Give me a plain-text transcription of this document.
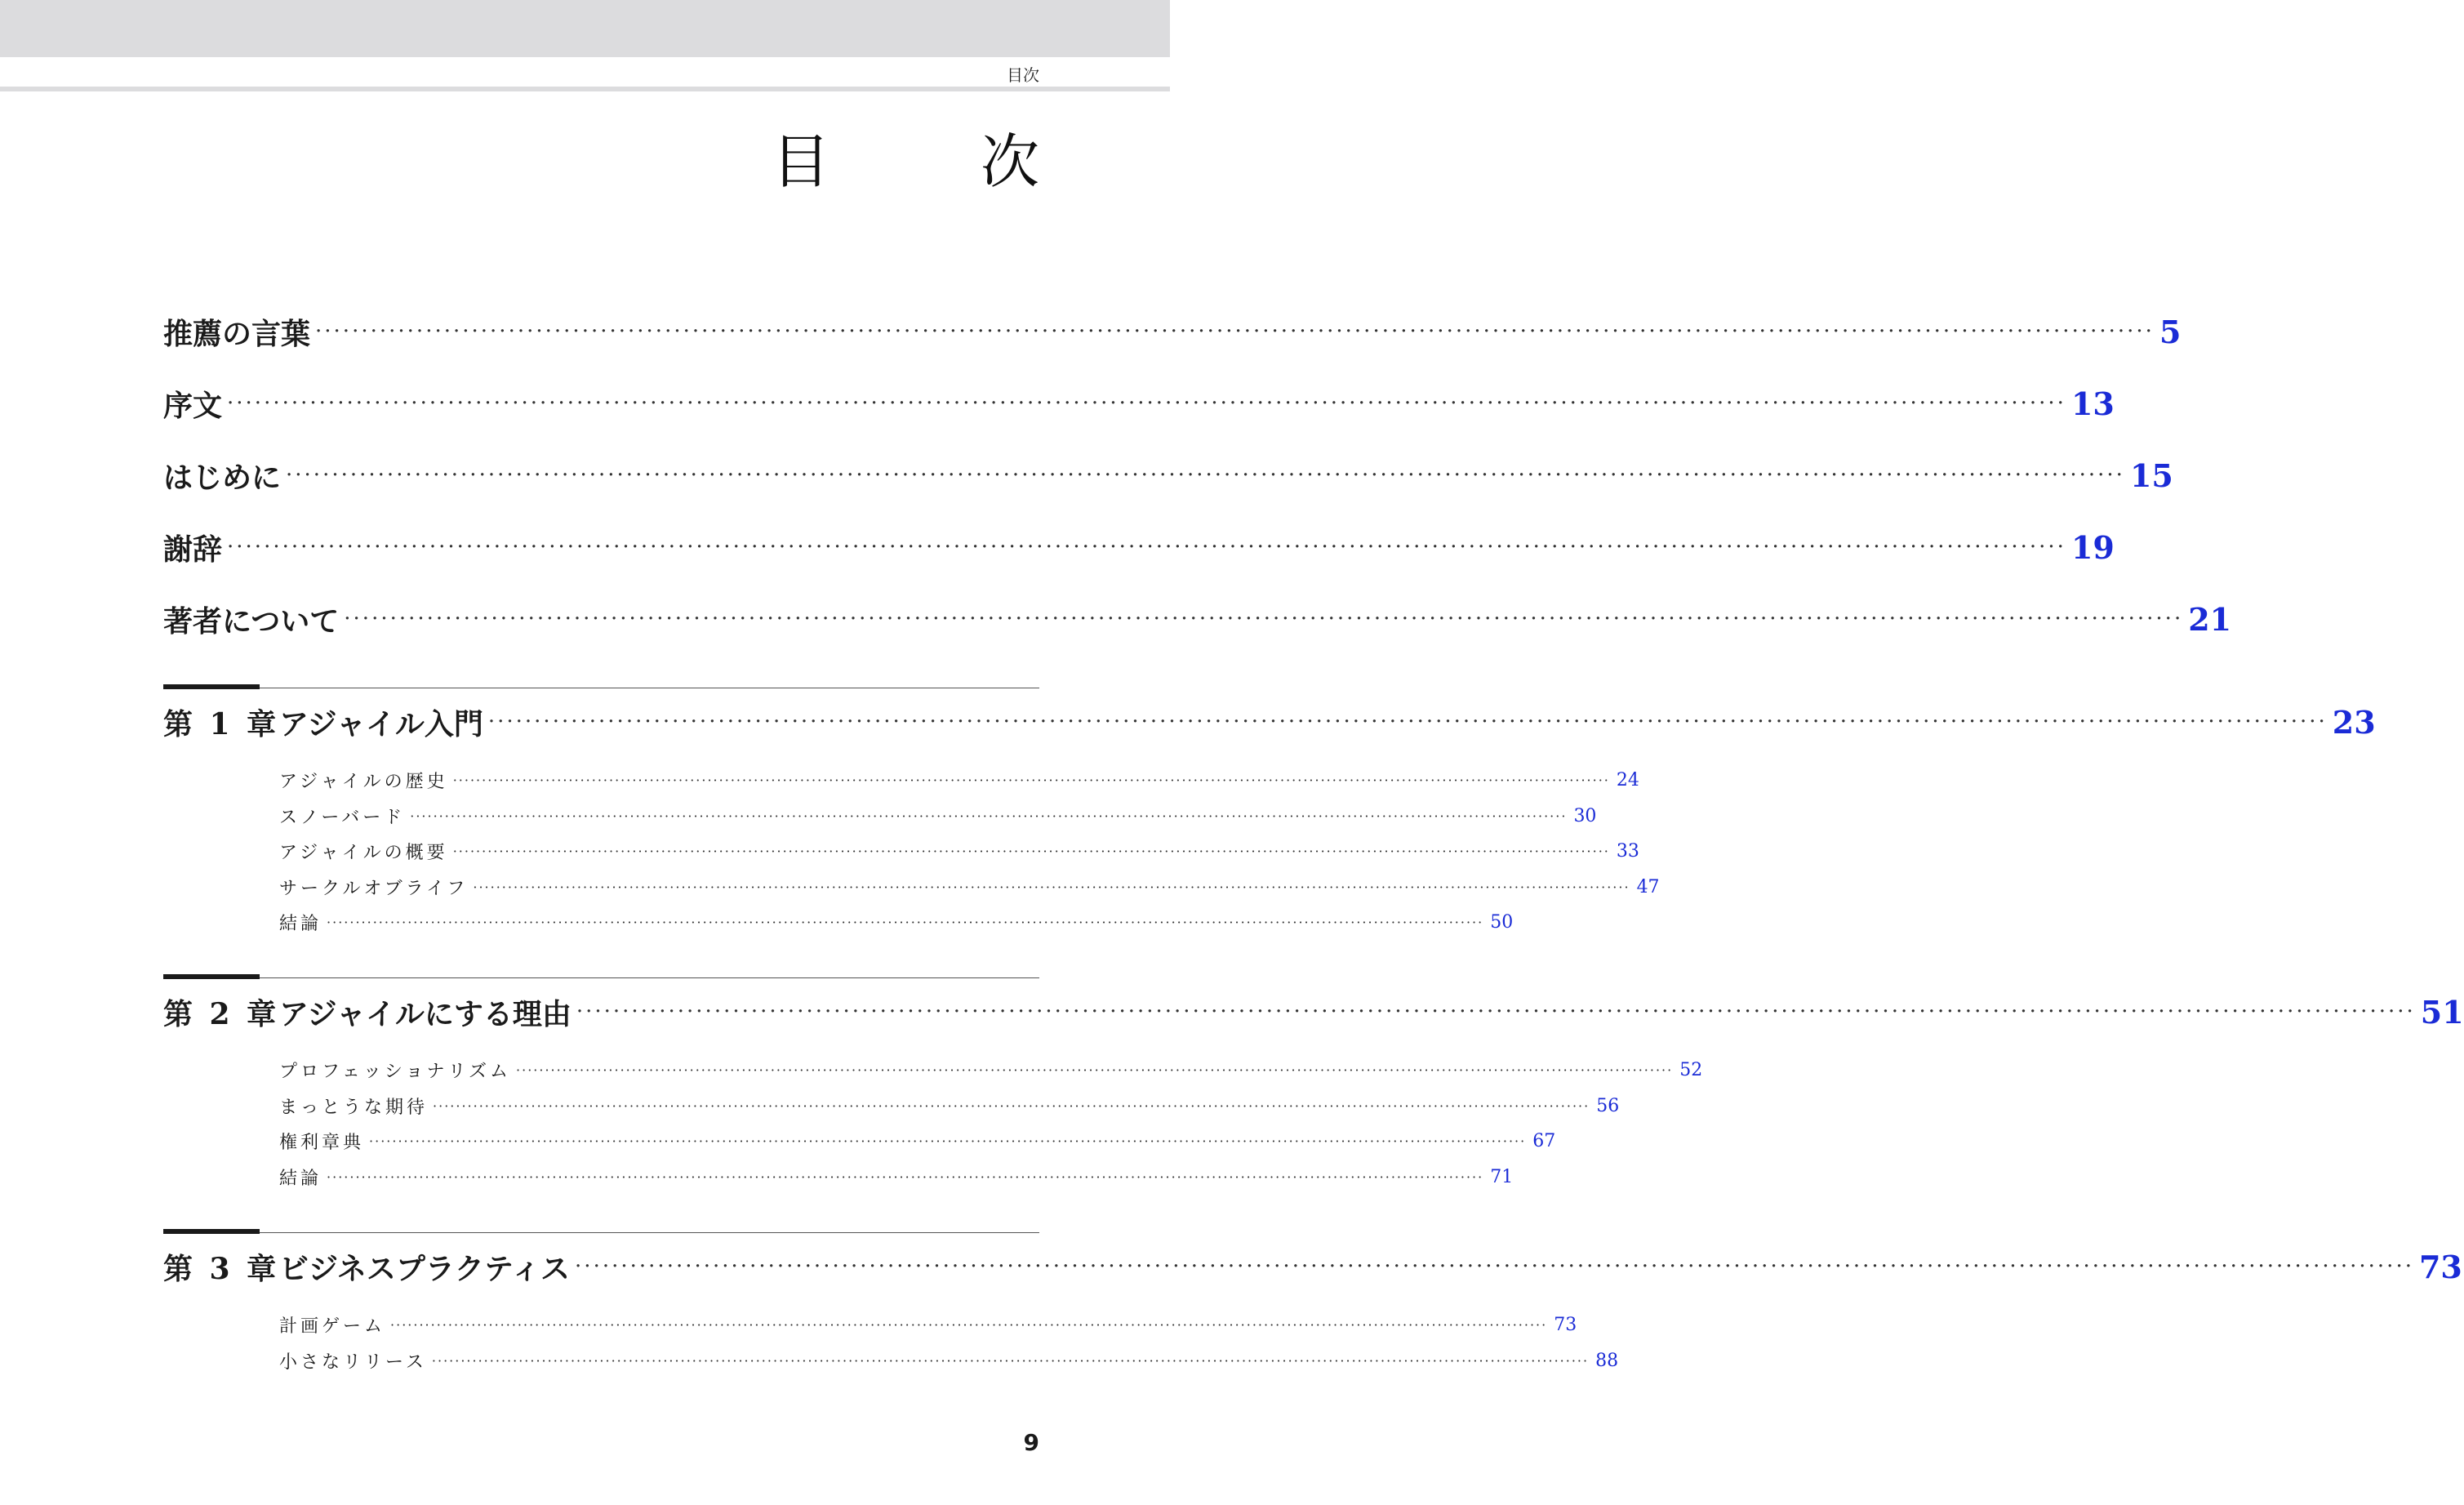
目次
目　次
推薦の言葉 ········································································································································································································ 5
序文 ········································································································································································································ 13
はじめに ········································································································································································································ 15
謝辞 ········································································································································································································ 19
著者について ········································································································································································································ 21
第 1 章アジャイル入門 ········································································································································································································ 23
アジャイルの歴史 ········································································································································································································ 24
スノーバード ········································································································································································································ 30
アジャイルの概要 ········································································································································································································ 33
サークルオブライフ ········································································································································································································ 47
結論 ········································································································································································································ 50
第 2 章アジャイルにする理由 ········································································································································································································ 51
プロフェッショナリズム ········································································································································································································ 52
まっとうな期待 ········································································································································································································ 56
権利章典 ········································································································································································································ 67
結論 ········································································································································································································ 71
第 3 章ビジネスプラクティス ········································································································································································································ 73
計画ゲーム ········································································································································································································ 73
小さなリリース ········································································································································································································ 88
9
